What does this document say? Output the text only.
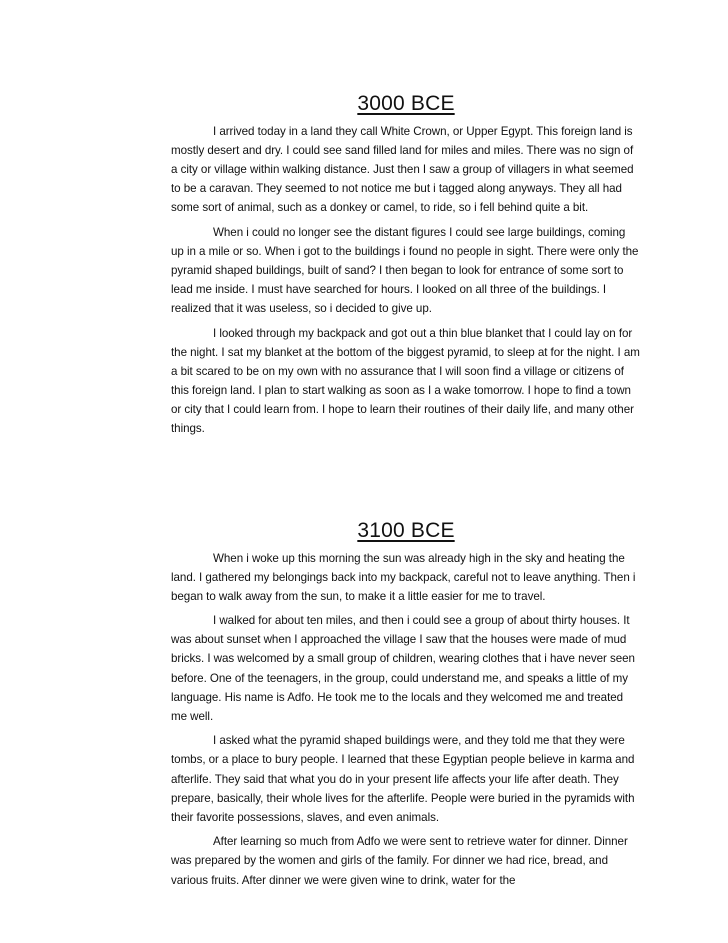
3000 BCE

I arrived today in a land they call White Crown, or Upper Egypt. This foreign land is mostly desert and dry. I could see sand filled land for miles and miles. There was no sign of a city or village within walking distance. Just then I saw a group of villagers in what seemed to be a caravan. They seemed to not notice me but i tagged along anyways. They all had some sort of animal, such as a donkey or camel, to ride, so i fell behind quite a bit.

When i could no longer see the distant figures I could see large buildings, coming up in a mile or so. When i got to the buildings i found no people in sight. There were only the pyramid shaped buildings, built of sand? I then began to look for entrance of some sort to lead me inside. I must have searched for hours. I looked on all three of the buildings. I realized that it was useless, so i decided to give up.

I looked through my backpack and got out a thin blue blanket that I could lay on for the night. I sat my blanket at the bottom of the biggest pyramid, to sleep at for the night. I am a bit scared to be on my own with no assurance that I will soon find a village or citizens of this foreign land. I plan to start walking as soon as I a wake tomorrow. I hope to find a town or city that I could learn from. I hope to learn their routines of their daily life, and many other things.

3100 BCE

When i woke up this morning the sun was already high in the sky and heating the land. I gathered my belongings back into my backpack, careful not to leave anything. Then i began to walk away from the sun, to make it a little easier for me to travel.

I walked for about ten miles, and then i could see a group of about thirty houses. It was about sunset when I approached the village I saw that the houses were made of mud bricks. I was welcomed by a small group of children, wearing clothes that i have never seen before. One of the teenagers, in the group, could understand me, and speaks a little of my language. His name is Adfo. He took me to the locals and they welcomed me and treated me well.

I asked what the pyramid shaped buildings were, and they told me that they were tombs, or a place to bury people. I learned that these Egyptian people believe in karma and afterlife. They said that what you do in your present life affects your life after death. They prepare, basically, their whole lives for the afterlife. People were buried in the pyramids with their favorite possessions, slaves, and even animals.

After learning so much from Adfo we were sent to retrieve water for dinner. Dinner was prepared by the women and girls of the family. For dinner we had rice, bread, and various fruits. After dinner we were given wine to drink, water for the
